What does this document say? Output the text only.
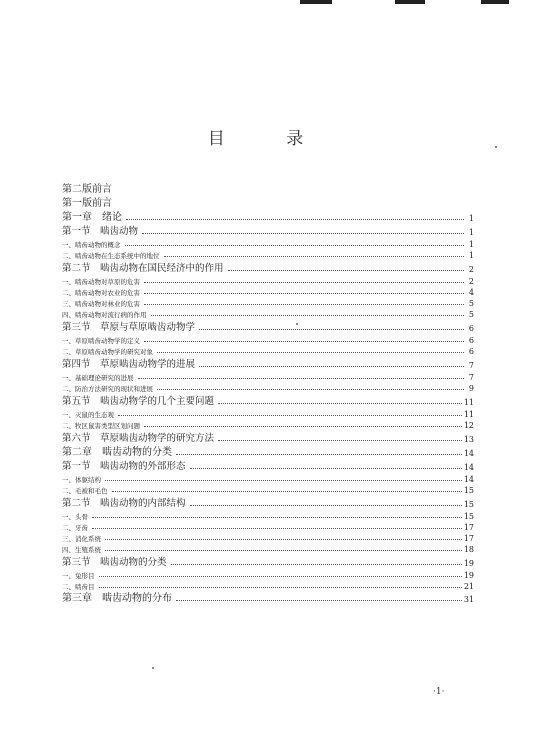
目 录
第二版前言
第一版前言
第一章　绪论	1
第一节　啮齿动物	1
一、啮齿动物的概念	1
二、啮齿动物在生态系统中的地位	1
第二节　啮齿动物在国民经济中的作用	2
一、啮齿动物对草原的危害	2
二、啮齿动物对农业的危害	4
三、啮齿动物对林业的危害	5
四、啮齿动物对流行病的作用	5
第三节　草原与草原啮齿动物学	6
一、草原啮齿动物学的定义	6
二、草原啮齿动物学的研究对象	6
第四节　草原啮齿动物学的进展	7
一、基础理论研究的进展	7
二、防治方法研究的现状和进展	9
第五节　啮齿动物学的几个主要问题	11
一、灭鼠的生态观	11
二、牧区鼠害类型区划问题	12
第六节　草原啮齿动物学的研究方法	13
第二章　啮齿动物的分类	14
第一节　啮齿动物的外部形态	14
一、体躯结构	14
二、毛被和毛色	15
第二节　啮齿动物的内部结构	15
一、头骨	15
二、牙齿	17
三、消化系统	17
四、生殖系统	18
第三节　啮齿动物的分类	19
一、兔形目	19
二、啮齿目	21
第三章　啮齿动物的分布	31
·1·
